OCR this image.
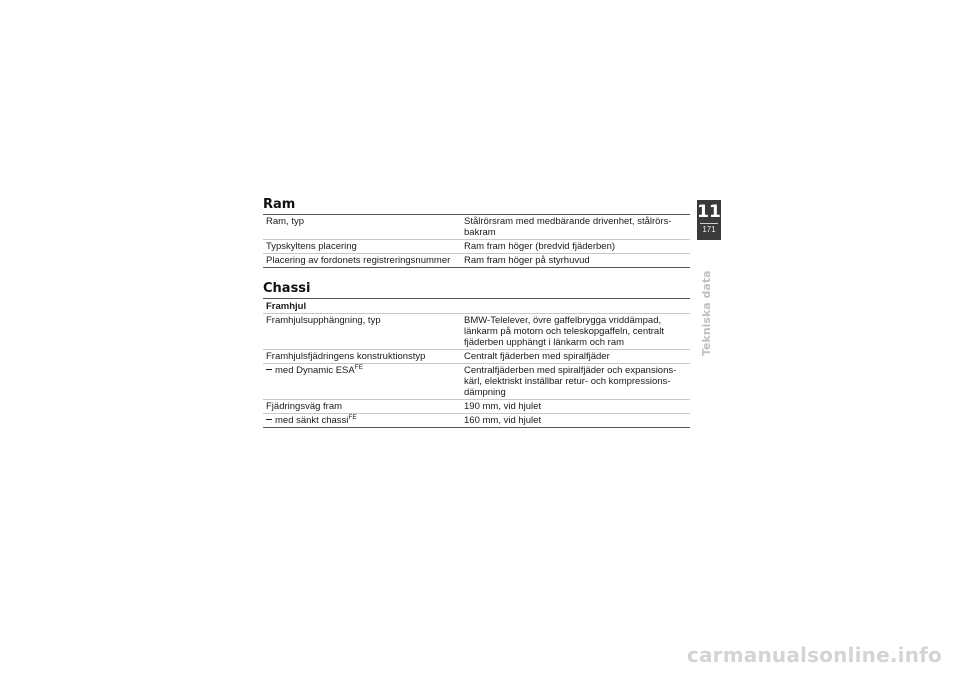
Ram
Ram, typ	Stålrörsram med medbärande drivenhet, stålrörs-
bakram
Typskyltens placering	Ram fram höger (bredvid fjäderben)
Placering av fordonets registreringsnummer	Ram fram höger på styrhuvud
Chassi
Framhjul
Framhjulsupphängning, typ	BMW-Telelever, övre gaffelbrygga vriddämpad,
länkarm på motorn och teleskopgaffeln, centralt
fjäderben upphängt i länkarm och ram
Framhjulsfjädringens konstruktionstyp	Centralt fjäderben med spiralfjäder
med Dynamic $ESA^{FE}$	Centralfjäderben med spiralfjäder och expansions-
kärl, elektriskt inställbar retur- och kompressions-
dämpning
Fjädringsväg fram	190 mm, vid hjulet
med sänkt chassi$^{FE}$	160 mm, vid hjulet
11
171
Tekniska data
carmanualsonline.info
